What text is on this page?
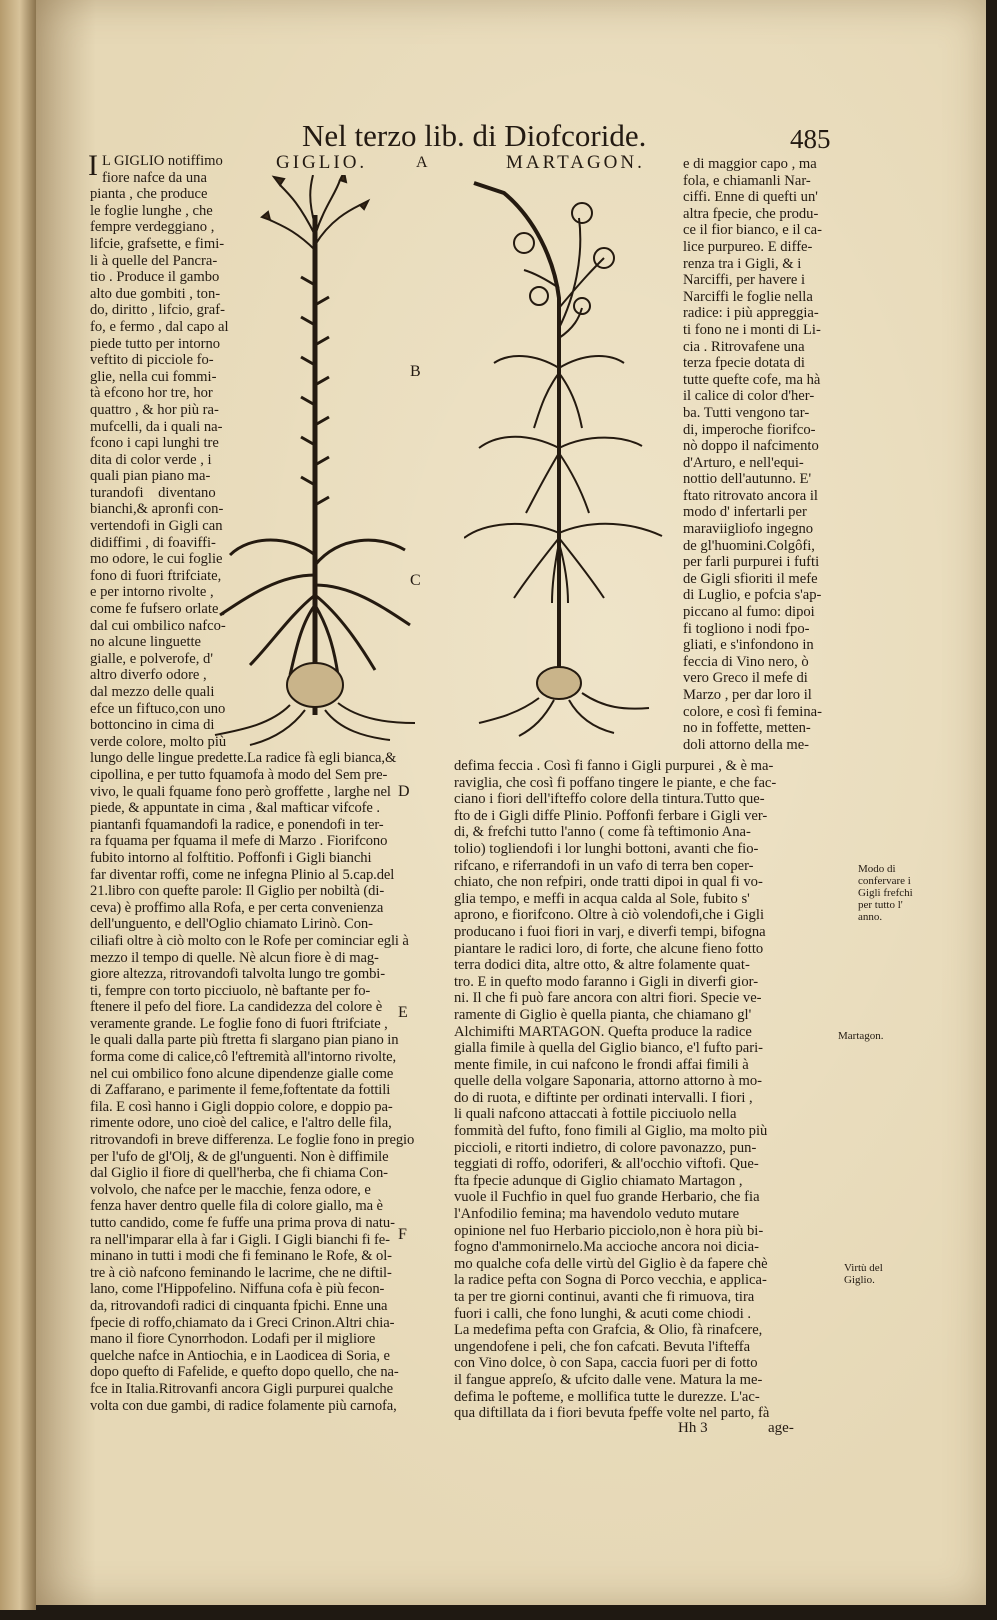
Nel terzo lib. di Diofcoride.	485
GIGLIO.	A	MARTAGON.
B
C
D
E
F
I L GIGLIO notiffimo
fiore nafce da una
pianta , che produce
le foglie lunghe , che
fempre verdeggiano ,
lifcie, grafsette, e fimi-
li à quelle del Pancra-
tio . Produce il gambo
alto due gombiti , ton-
do, diritto , lifcio, graf-
fo, e fermo , dal capo al
piede tutto per intorno
veftito di picciole fo-
glie, nella cui fommi-
tà efcono hor tre, hor
quattro , & hor più ra-
mufcelli, da i quali na-
fcono i capi lunghi tre
dita di color verde , i
quali pian piano ma-
turandofi    diventano
bianchi,& apronfi con-
vertendofi in Gigli can
didiffimi , di foaviffi-
mo odore, le cui foglie
fono di fuori ftrifciate,
e per intorno rivolte ,
come fe fufsero orlate ,
dal cui ombilico nafco-
no alcune linguette
gialle, e polverofe, d'
altro diverfo odore ,
dal mezzo delle quali
efce un fiftuco,con uno
bottoncino in cima di
verde colore, molto più
lungo delle lingue predette.La radice fà egli bianca,&
cipollina, e per tutto fquamofa à modo del Sem pre-
vivo, le quali fquame fono però groffette , larghe nel
piede, & appuntate in cima , &al mafticar vifcofe .
piantanfi fquamandofi la radice, e ponendofi in ter-
ra fquama per fquama il mefe di Marzo . Fiorifcono
fubito intorno al folftitio. Poffonfi i Gigli bianchi
far diventar roffi, come ne infegna Plinio al 5.cap.del
21.libro con quefte parole: Il Giglio per nobiltà (di-
ceva) è proffimo alla Rofa, e per certa convenienza
dell'unguento, e dell'Oglio chiamato Lirinò. Con-
ciliafi oltre à ciò molto con le Rofe per cominciar egli à
mezzo il tempo di quelle. Nè alcun fiore è di mag-
giore altezza, ritrovandofi talvolta lungo tre gombi-
ti, fempre con torto picciuolo, nè baftante per fo-
ftenere il pefo del fiore. La candidezza del colore è
veramente grande. Le foglie fono di fuori ftrifciate ,
le quali dalla parte più ftretta fi slargano pian piano in
forma come di calice,cô l'eftremità all'intorno rivolte,
nel cui ombilico fono alcune dipendenze gialle come
di Zaffarano, e parimente il feme,foftentate da fottili
fila. E così hanno i Gigli doppio colore, e doppio pa-
rimente odore, uno cioè del calice, e l'altro delle fila,
ritrovandofi in breve differenza. Le foglie fono in pregio
per l'ufo de gl'Olj, & de gl'unguenti. Non è diffimile
dal Giglio il fiore di quell'herba, che fi chiama Con-
volvolo, che nafce per le macchie, fenza odore, e
fenza haver dentro quelle fila di colore giallo, ma è
tutto candido, come fe fuffe una prima prova di natu-
ra nell'imparar ella à far i Gigli. I Gigli bianchi fi fe-
minano in tutti i modi che fi feminano le Rofe, & ol-
tre à ciò nafcono feminando le lacrime, che ne diftil-
lano, come l'Hippofelino. Niffuna cofa è più fecon-
da, ritrovandofi radici di cinquanta fpichi. Enne una
fpecie di roffo,chiamato da i Greci Crinon.Altri chia-
mano il fiore Cynorrhodon. Lodafi per il migliore
quelche nafce in Antiochia, e in Laodicea di Soria, e
dopo quefto di Fafelide, e quefto dopo quello, che na-
fce in Italia.Ritrovanfi ancora Gigli purpurei qualche
volta con due gambi, di radice folamente più carnofa,
e di maggior capo , ma
fola, e chiamanli Nar-
ciffi. Enne di quefti un'
altra fpecie, che produ-
ce il fior bianco, e il ca-
lice purpureo. E diffe-
renza tra i Gigli, & i
Narciffi, per havere i
Narciffi le foglie nella
radice: i più appreggia-
ti fono ne i monti di Li-
cia . Ritrovafene una
terza fpecie dotata di
tutte quefte cofe, ma hà
il calice di color d'her-
ba. Tutti vengono tar-
di, imperoche fiorifco-
nò doppo il nafcimento
d'Arturo, e nell'equi-
nottio dell'autunno. E'
ftato ritrovato ancora il
modo d' infertarli per
maraviigliofo ingegno
de gl'huomini.Colgôfi,
per farli purpurei i fufti
de Gigli sfioriti il mefe
di Luglio, e pofcia s'ap-
piccano al fumo: dipoi
fi togliono i nodi fpo-
gliati, e s'infondono in
feccia di Vino nero, ò
vero Greco il mefe di
Marzo , per dar loro il
colore, e così fi femina-
no in foffette, metten-
doli attorno della me-
defima feccia . Così fi fanno i Gigli purpurei , & è ma-
raviglia, che così fi poffano tingere le piante, e che fac-
ciano i fiori dell'ifteffo colore della tintura.Tutto que-
fto de i Gigli diffe Plinio. Poffonfi ferbare i Gigli ver-
di, & frefchi tutto l'anno ( come fà teftimonio Ana-
tolio) togliendofi i lor lunghi bottoni, avanti che fio-
rifcano, e riferrandofi in un vafo di terra ben coper-
chiato, che non refpiri, onde tratti dipoi in qual fi vo-
glia tempo, e meffi in acqua calda al Sole, fubito s'
aprono, e fiorifcono. Oltre à ciò volendofi,che i Gigli
producano i fuoi fiori in varj, e diverfi tempi, bifogna
piantare le radici loro, di forte, che alcune fieno fotto
terra dodici dita, altre otto, & altre folamente quat-
tro. E in quefto modo faranno i Gigli in diverfi gior-
ni. Il che fi può fare ancora con altri fiori. Specie ve-
ramente di Giglio è quella pianta, che chiamano gl'
Alchimifti MARTAGON. Quefta produce la radice
gialla fimile à quella del Giglio bianco, e'l fufto pari-
mente fimile, in cui nafcono le frondi affai fimili à
quelle della volgare Saponaria, attorno attorno à mo-
do di ruota, e diftinte per ordinati intervalli. I fiori ,
li quali nafcono attaccati à fottile picciuolo nella
fommità del fufto, fono fimili al Giglio, ma molto più
piccioli, e ritorti indietro, di colore pavonazzo, pun-
teggiati di roffo, odoriferi, & all'occhio viftofi. Que-
fta fpecie adunque di Giglio chiamato Martagon ,
vuole il Fuchfio in quel fuo grande Herbario, che fia
l'Anfodilio femina; ma havendolo veduto mutare
opinione nel fuo Herbario picciolo,non è hora più bi-
fogno d'ammonirnelo.Ma accioche ancora noi dicia-
mo qualche cofa delle virtù del Giglio è da fapere chè
la radice pefta con Sogna di Porco vecchia, e applica-
ta per tre giorni continui, avanti che fi rimuova, tira
fuori i calli, che fono lunghi, & acuti come chiodi .
La medefima pefta con Grafcia, & Olio, fà rinafcere,
ungendofene i peli, che fon cafcati. Bevuta l'ifteffa
con Vino dolce, ò con Sapa, caccia fuori per di fotto
il fangue appreſo, & ufcito dalle vene. Matura la me-
defima le pofteme, e mollifica tutte le durezze. L'ac-
qua diftillata da i fiori bevuta fpeffe volte nel parto, fà
Modo di
confervare i
Gigli frefchi
per tutto l'
anno.
Martagon.
Virtù del
Giglio.
Hh 3	age-
